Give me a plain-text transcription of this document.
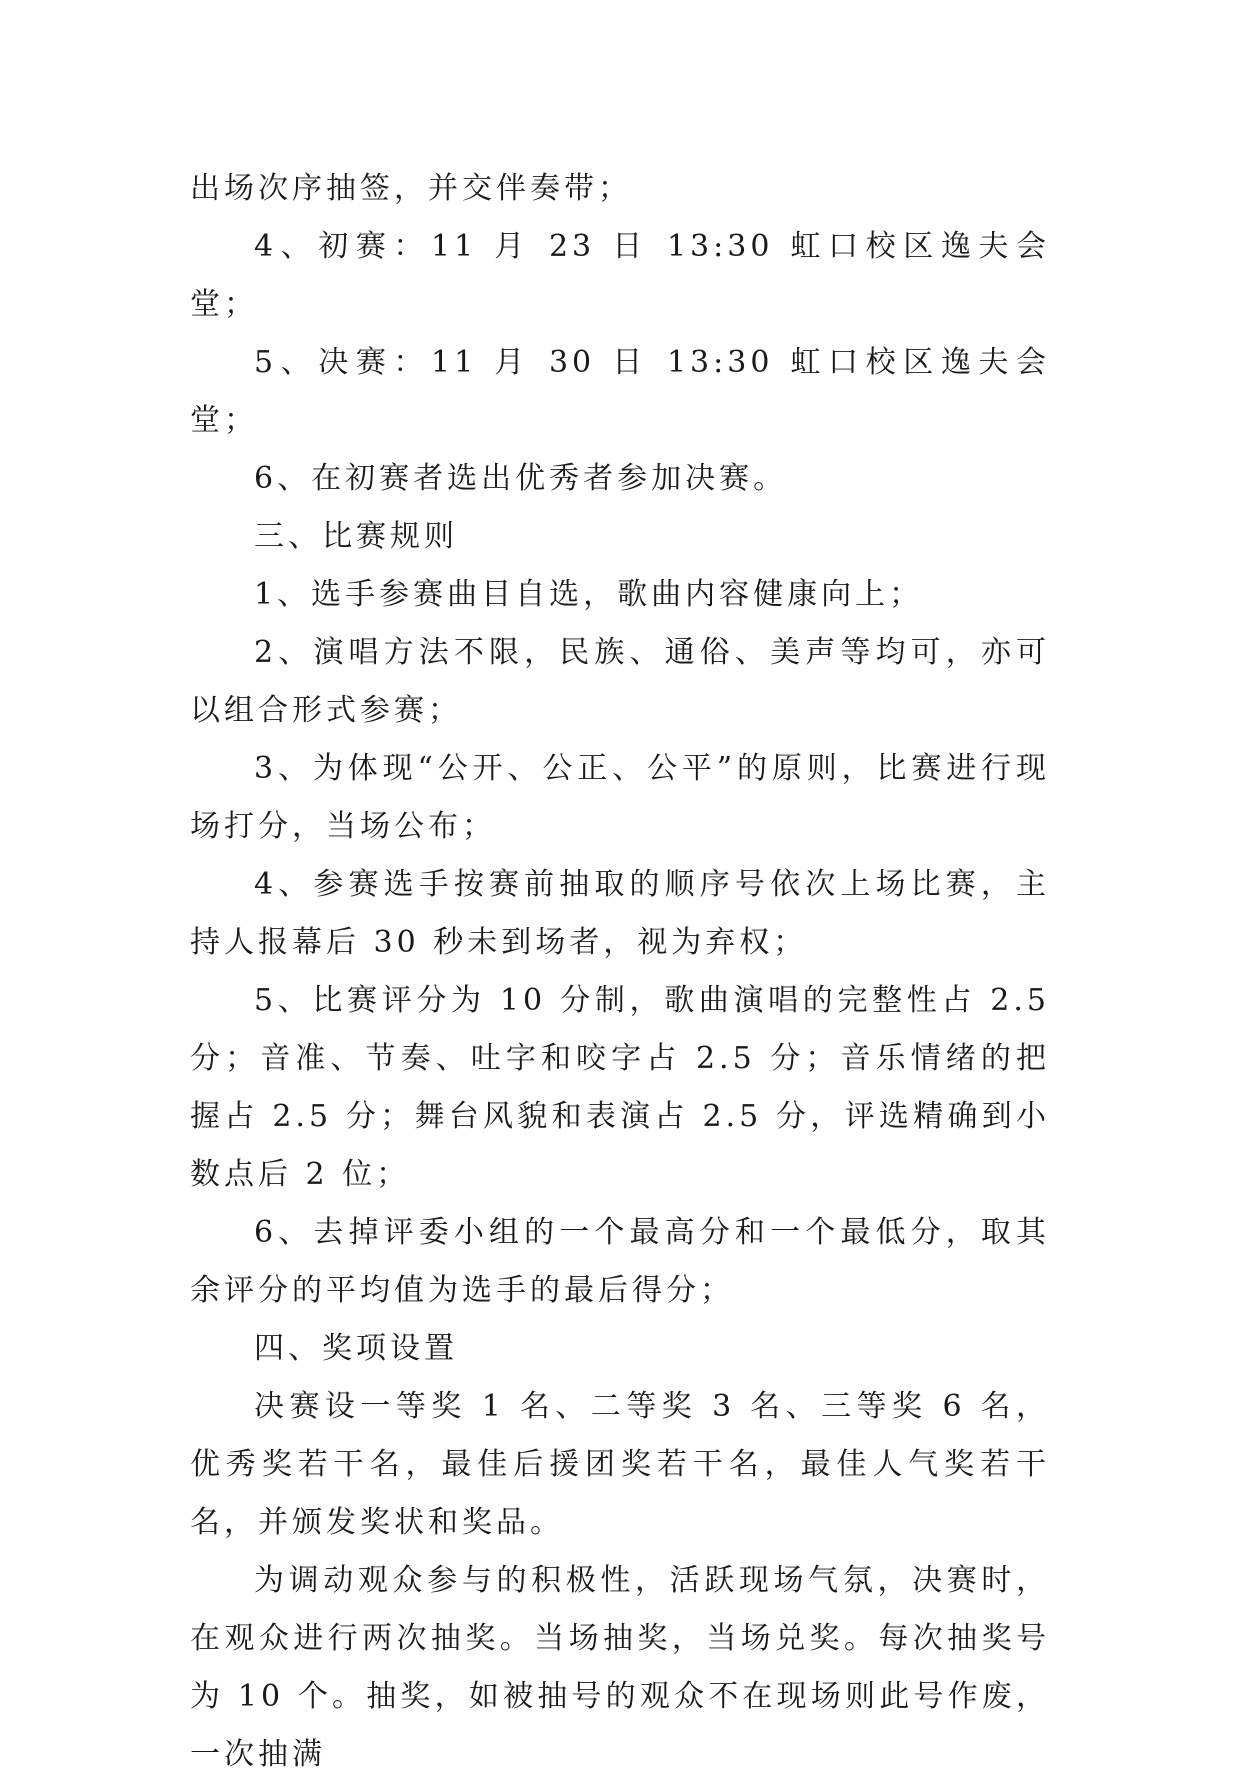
出场次序抽签，并交伴奏带；

4、初赛：11 月 23 日 13:30 虹口校区逸夫会堂；

5、决赛：11 月 30 日 13:30 虹口校区逸夫会堂；

6、在初赛者选出优秀者参加决赛。

三、比赛规则

1、选手参赛曲目自选，歌曲内容健康向上；

2、演唱方法不限，民族、通俗、美声等均可，亦可以组合形式参赛；

3、为体现“公开、公正、公平”的原则，比赛进行现场打分，当场公布；

4、参赛选手按赛前抽取的顺序号依次上场比赛，主持人报幕后 30 秒未到场者，视为弃权；

5、比赛评分为 10 分制，歌曲演唱的完整性占 2.5 分；音准、节奏、吐字和咬字占 2.5 分；音乐情绪的把握占 2.5 分；舞台风貌和表演占 2.5 分，评选精确到小数点后 2 位；

6、去掉评委小组的一个最高分和一个最低分，取其余评分的平均值为选手的最后得分；

四、奖项设置

决赛设一等奖 1 名、二等奖 3 名、三等奖 6 名，优秀奖若干名，最佳后援团奖若干名，最佳人气奖若干名，并颁发奖状和奖品。

为调动观众参与的积极性，活跃现场气氛，决赛时，在观众进行两次抽奖。当场抽奖，当场兑奖。每次抽奖号为 10 个。抽奖，如被抽号的观众不在现场则此号作废，一次抽满
